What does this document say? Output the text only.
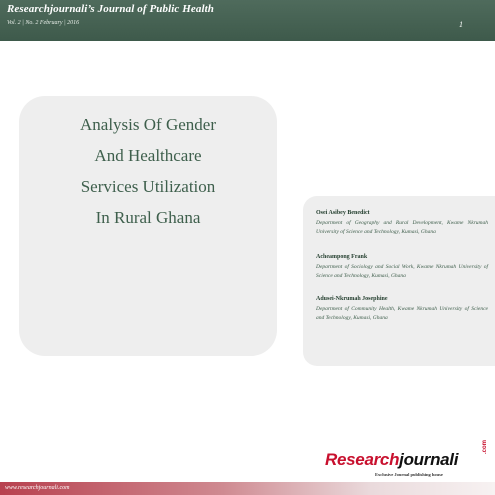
Researchjournali’s Journal of Public Health
Vol. 2 | No. 2 February | 2016	1
Analysis Of Gender
And Healthcare
Services Utilization
In Rural Ghana	Osei Asibey Benedict
Department of Geography and Rural Development, Kwame Nkrumah University of Science and Technology, Kumasi, Ghana
Acheampong Frank
Department of Sociology and Social Work, Kwame Nkrumah University of Science and Technology, Kumasi, Ghana
Adusei-Nkrumah Josephine
Department of Community Health, Kwame Nkrumah University of Science and Technology, Kumasi, Ghana
Researchjournali
.com
Exclusive Journal publishing house
www.researchjournali.com
